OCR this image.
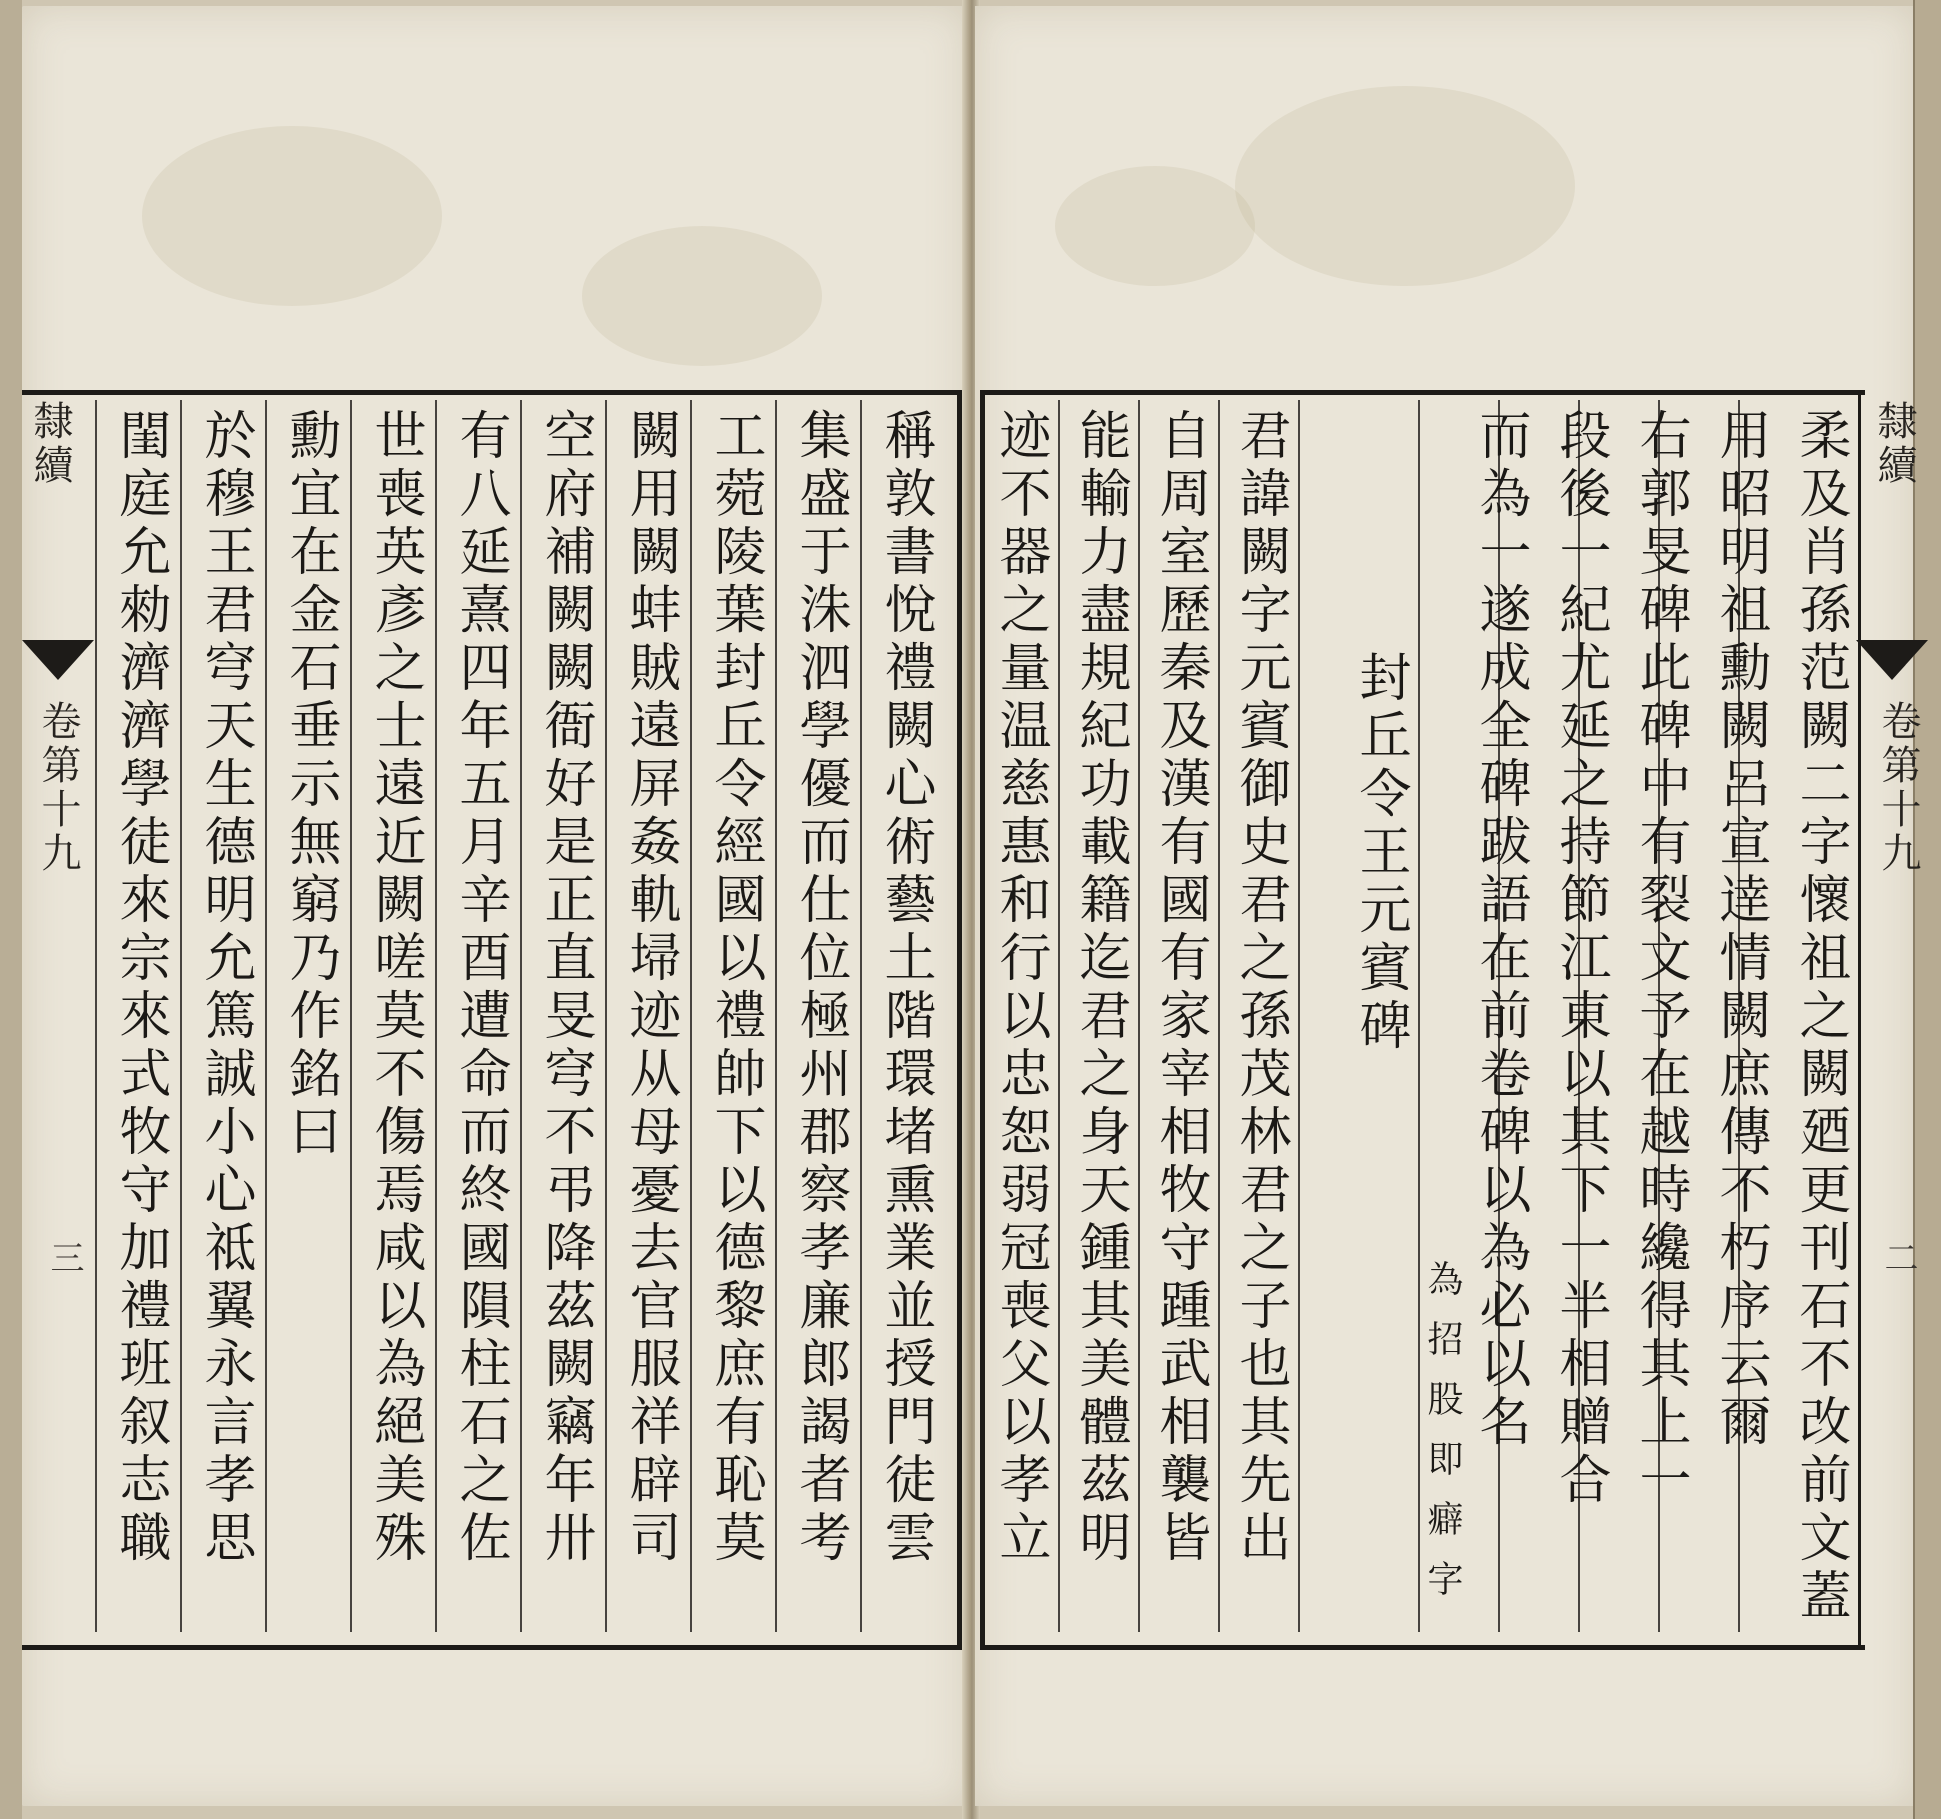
隸續
卷第十九
三	稱敦書悅禮闕心術藝土階環堵熏業並授門徒雲
集盛于洙泗學優而仕位極州郡察孝廉郎謁者考
工菀陵葉封丘令經國以禮帥下以德黎庶有恥莫
闕用闕蚌賊遠屏姦軌埽迹从母憂去官服祥辟司
空府補闕闕衙好是正直旻穹不弔降茲闕竊年卅
有八延熹四年五月辛酉遭命而終國隕柱石之佐
世喪英彥之士遠近闕嗟莫不傷焉咸以為絕美殊
勳宜在金石垂示無窮乃作銘曰
於穆王君穹天生德明允篤誠小心祗翼永言孝思
閨庭允勑濟濟學徒來宗來式牧守加禮班叙志職	柔及肖孫范闕二字懷祖之闕廼更刊石不改前文蓋
用昭明祖勳闕呂宣逹情闕庶傳不朽序云爾
右郭旻碑此碑中有裂文予在越時纔得其上一
段後一紀尤延之持節江東以其下一半相贈合
而為一遂成全碑跋語在前卷碑以為必以名
為招股即癖字
封丘令王元賓碑
君諱闕字元賓御史君之孫茂林君之子也其先出
自周室歷秦及漢有國有家宰相牧守踵武相襲皆
能輸力盡規紀功載籍迄君之身天鍾其美體茲明
迹不器之量温慈惠和行以忠恕弱冠喪父以孝立	隸續
卷第十九
二
